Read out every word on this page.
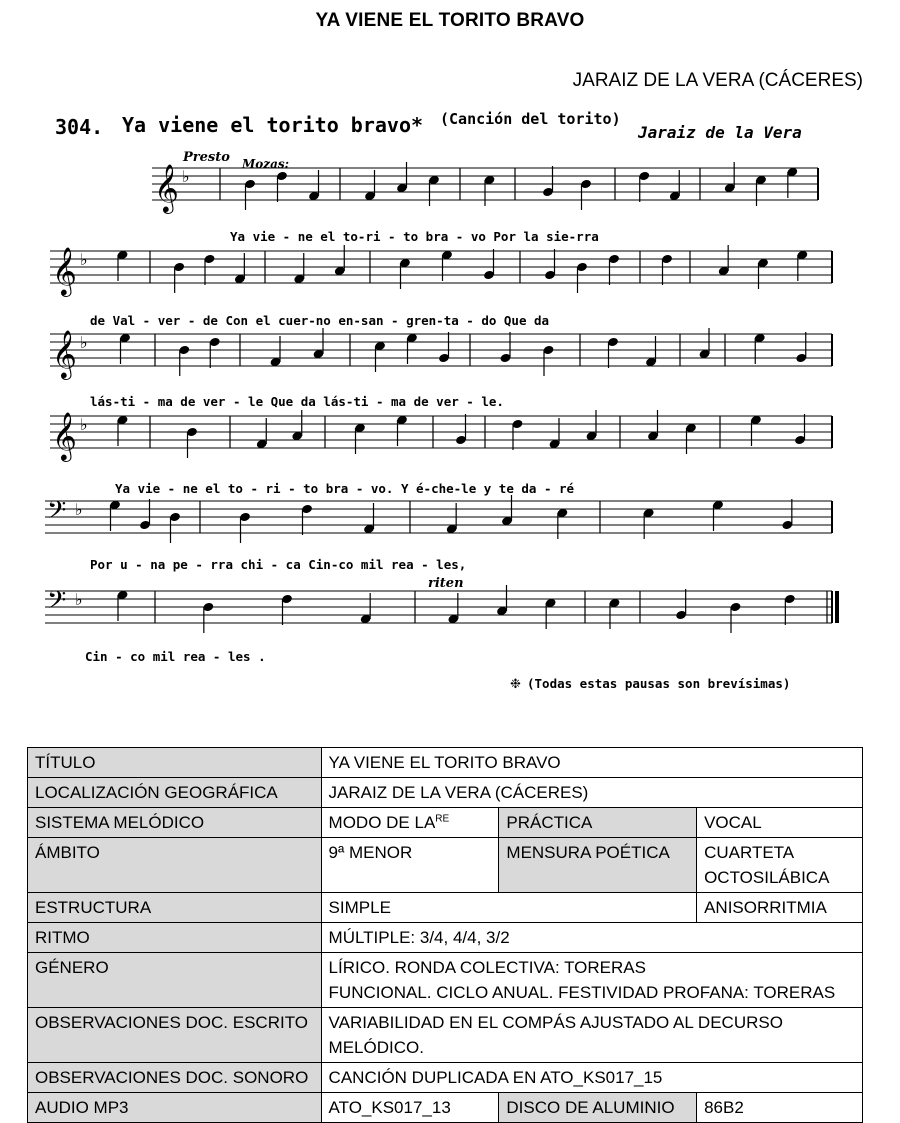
YA VIENE EL TORITO BRAVO
JARAIZ DE LA VERA (CÁCERES)
304. Ya viene el torito bravo* (Canción del torito)
Jaraiz de la Vera
Presto Mozas:
riten
𝄞 ♭
𝄞 ♭
𝄞 ♭
𝄞 ♭
𝄢 ♭
𝄢 ♭
Ya vie - ne el to-ri - to bra - vo Por la sie-rra
de Val - ver - de Con el cuer-no en-san - gren-ta - do Que da
lás-ti - ma de ver - le Que da lás-ti - ma de ver - le.
Ya vie - ne el to - ri - to bra - vo. Y é-che-le y te da - ré
Por u - na pe - rra chi - ca Cin-co mil rea - les,
Cin - co mil rea - les .
❉ (Todas estas pausas son brevísimas)
TÍTULO	YA VIENE EL TORITO BRAVO		
LOCALIZACIÓN GEOGRÁFICA	JARAIZ DE LA VERA (CÁCERES)		
SISTEMA MELÓDICO	MODO DE $LA^{RE}$	PRÁCTICA	VOCAL
ÁMBITO	9ª MENOR	MENSURA POÉTICA	CUARTETA
OCTOSILÁBICA

ESTRUCTURA	SIMPLE		ANISORRITMIA
RITMO	MÚLTIPLE: 3/4, 4/4, 3/2		
GÉNERO	LÍRICO. RONDA COLECTIVA: TORERAS
FUNCIONAL. CICLO ANUAL. FESTIVIDAD PROFANA: TORERAS		

OBSERVACIONES DOC. ESCRITO	VARIABILIDAD EN EL COMPÁS AJUSTADO AL DECURSO
MELÓDICO.		

OBSERVACIONES DOC. SONORO	CANCIÓN DUPLICADA EN ATO_KS017_15		
AUDIO MP3	ATO_KS017_13	DISCO DE ALUMINIO	86B2
